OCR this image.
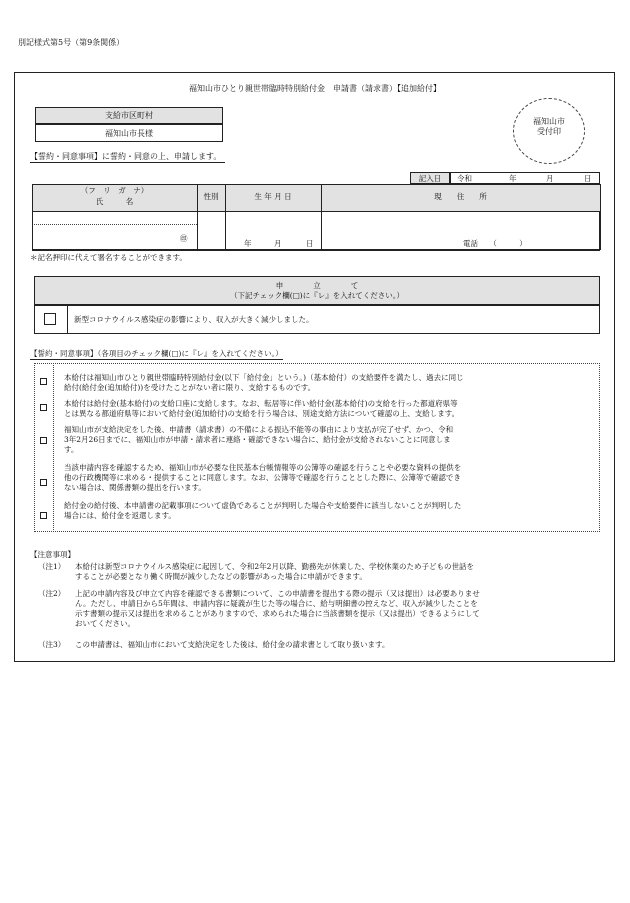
別記様式第5号（第9条関係）
福知山市ひとり親世帯臨時特別給付金　申請書（請求書）【追加給付】
支給市区町村
福知山市長様
福知山市
受付印
【誓約・同意事項】に誓約・同意の上、申請します。
記入日	令和	年	月	日
（フ　リ　ガ　ナ）
氏　　　名
性別	生 年 月 日	現　　住　　所
㊞
年	月	日	電話　　（　　　）
＊記名押印に代えて署名することができます。
申　　　　立　　　　て
（下記チェック欄(□)に『レ』を入れてください。）
新型コロナウイルス感染症の影響により、収入が大きく減少しました。
【誓約・同意事項】（各項目のチェック欄(□)に『レ』を入れてください。）
本給付は福知山市ひとり親世帯臨時特別給付金(以下「給付金」という。)（基本給付）の支給要件を満たし、過去に同じ
給付(給付金(追加給付))を受けたことがない者に限り、支給するものです。
本給付は給付金(基本給付)の支給口座に支給します。なお、転居等に伴い給付金(基本給付)の支給を行った都道府県等
とは異なる都道府県等において給付金(追加給付)の支給を行う場合は、別途支給方法について確認の上、支給します。
福知山市が支給決定をした後、申請書（請求書）の不備による振込不能等の事由により支払が完了せず、かつ、令和
3年2月26日までに、福知山市が申請・請求者に連絡・確認できない場合に、給付金が支給されないことに同意しま
す。
当該申請内容を確認するため、福知山市が必要な住民基本台帳情報等の公簿等の確認を行うことや必要な資料の提供を
他の行政機関等に求める・提供することに同意します。なお、公簿等で確認を行うこととした際に、公簿等で確認でき
ない場合は、関係書類の提出を行います。
給付金の給付後、本申請書の記載事項について虚偽であることが判明した場合や支給要件に該当しないことが判明した
場合には、給付金を返還します。
【注意事項】
（注1） 本給付は新型コロナウイルス感染症に起因して、令和2年2月以降、勤務先が休業した、学校休業のため子どもの世話を
することが必要となり働く時間が減少したなどの影響があった場合に申請ができます。
（注2） 上記の申請内容及び申立て内容を確認できる書類について、この申請書を提出する際の提示（又は提出）は必要ありませ
ん。ただし、申請日から5年間は、申請内容に疑義が生じた等の場合に、給与明細書の控えなど、収入が減少したことを
示す書類の提示又は提出を求めることがありますので、求められた場合に当該書類を提示（又は提出）できるようにして
おいてください。
（注3） この申請書は、福知山市において支給決定をした後は、給付金の請求書として取り扱います。
